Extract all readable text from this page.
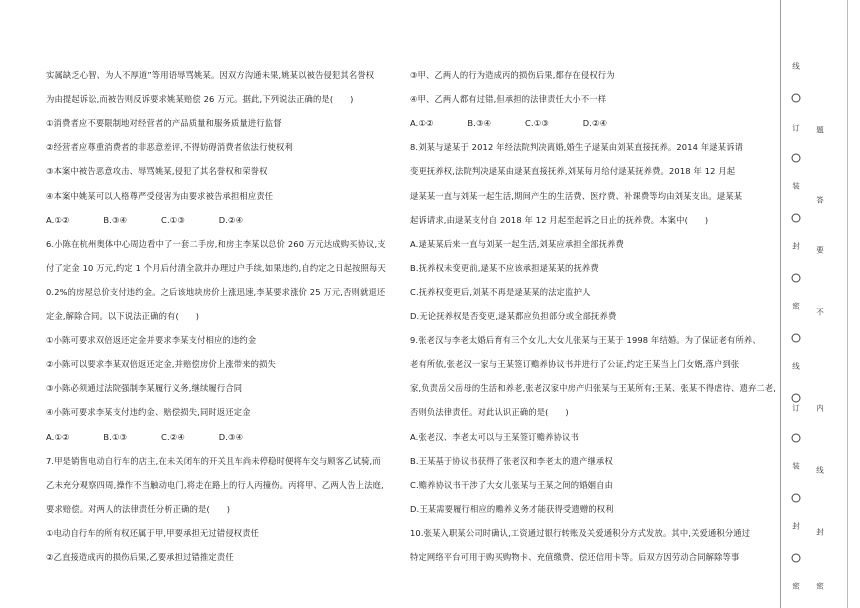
实属缺乏心智、为人不厚道”等用语辱骂姚某。因双方沟通未果,姚某以被告侵犯其名誉权
为由提起诉讼,而被告则反诉要求姚某赔偿 26 万元。据此,下列说法正确的是(　　)
①消费者应不要限制地对经营者的产品质量和服务质量进行监督
②经营者应尊重消费者的非恶意差评,不得妨碍消费者依法行使权利
③本案中被告恶意攻击、辱骂姚某,侵犯了其名誉权和荣誉权
④本案中姚某可以人格尊严受侵害为由要求被告承担相应责任
A.①②　　　　B.③④　　　　C.①③　　　　D.②④
6.小陈在杭州奥体中心周边看中了一套二手房,和房主李某以总价 260 万元达成购买协议,支
付了定金 10 万元,约定 1 个月后付清全款并办理过户手续,如果违约,自约定之日起按照每天
0.2%的房屋总价支付违约金。之后该地块房价上涨迅速,李某要求涨价 25 万元,否则就退还
定金,解除合同。以下说法正确的有(　　)
①小陈可要求双倍返还定金并要求李某支付相应的违约金
②小陈可以要求李某双倍返还定金,并赔偿房价上涨带来的损失
③小陈必须通过法院强制李某履行义务,继续履行合同
④小陈可要求李某支付违约金、赔偿损失,同时返还定金
A.①②　　　　B.①③　　　　C.②④　　　　D.③④
7.甲是销售电动自行车的店主,在未关闭车的开关且车尚未停稳时便将车交与顾客乙试骑,而
乙未充分观察四周,操作不当触动电门,将走在路上的行人丙撞伤。丙将甲、乙两人告上法庭,
要求赔偿。对两人的法律责任分析正确的是(　　)
①电动自行车的所有权还属于甲,甲要承担无过错侵权责任
②乙直接造成丙的损伤后果,乙要承担过错推定责任
③甲、乙两人的行为造成丙的损伤后果,都存在侵权行为
④甲、乙两人都有过错,但承担的法律责任大小不一样
A.①②　　　　B.③④　　　　C.①③　　　　D.②④
8.刘某与逯某于 2012 年经法院判决离婚,婚生子逯某由刘某直接抚养。2014 年逯某诉请
变更抚养权,法院判决逯某由逯某直接抚养,刘某每月给付逯某抚养费。2018 年 12 月起
逯某某一直与刘某一起生活,期间产生的生活费、医疗费、补课费等均由刘某支出。逯某某
起诉请求,由逯某支付自 2018 年 12 月起至起诉之日止的抚养费。本案中(　　)
A.逯某某后来一直与刘某一起生活,刘某应承担全部抚养费
B.抚养权未变更前,逯某不应该承担逯某某的抚养费
C.抚养权变更后,刘某不再是逯某某的法定监护人
D.无论抚养权是否变更,逯某都应负担部分或全部抚养费
9.张老汉与李老太婚后育有三个女儿,大女儿张某与王某于 1998 年结婚。为了保证老有所养、
老有所依,张老汉一家与王某签订赡养协议书并进行了公证,约定王某当上门女婿,落户到张
家,负责岳父岳母的生活和养老,张老汉家中房产归张某与王某所有;王某、张某不得虐待、遗弃二老,
否则负法律责任。对此认识正确的是(　　)
A.张老汉、李老太可以与王某签订赡养协议书
B.王某基于协议书获得了张老汉和李老太的遗产继承权
C.赡养协议书干涉了大女儿张某与王某之间的婚姻自由
D.王某需要履行相应的赡养义务才能获得受遗赠的权利
10.张某入职某公司时确认,工资通过银行转账及关爱通积分方式发放。其中,关爱通积分通过
特定网络平台可用于购买购物卡、充值缴费、偿还信用卡等。后双方因劳动合同解除等事
线
订
装
封
密
线
订
装
封
密
题
答
要
不
内
线
封
密
